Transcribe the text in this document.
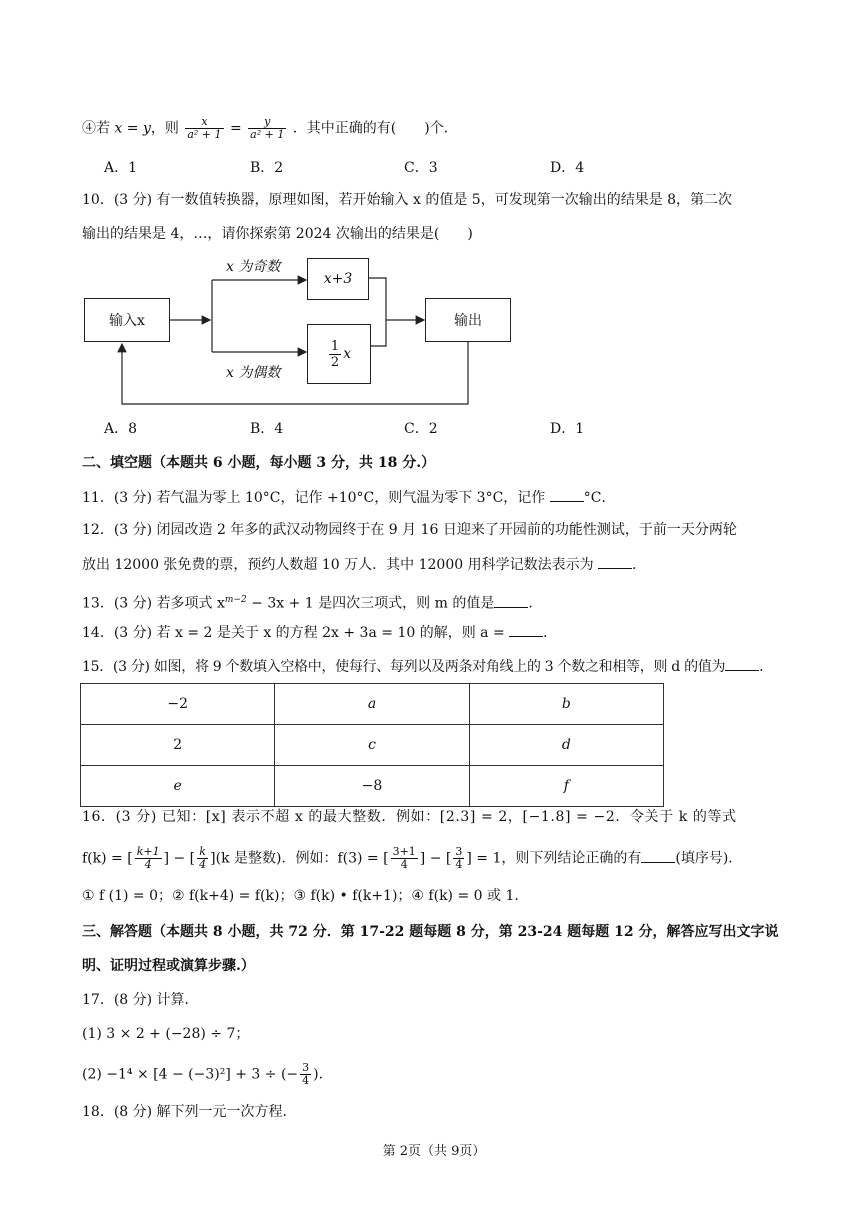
④若 x = y，则 $\frac{x}{\text{a² + 1}} = \frac{y}{\text{a² + 1}}$ ．其中正确的有(　　)个．
A．1	B．2	C．3	D．4
10．(3 分) 有一数值转换器，原理如图，若开始输入 x 的值是 5，可发现第一次输出的结果是 8，第二次
输出的结果是 4，…，请你探索第 2024 次输出的结果是(　　)
输入x
x 为奇数
x 为偶数
x+3
$\frac{1}{2}$ x
输出
A．8	B．4	C．2	D．1
二、填空题（本题共 6 小题，每小题 3 分，共 18 分.）
11．(3 分) 若气温为零上 10°C，记作 +10°C，则气温为零下 3°C，记作	°C．
12．(3 分) 闭园改造 2 年多的武汉动物园终于在 9 月 16 日迎来了开园前的功能性测试，于前一天分两轮
放出 12000 张免费的票，预约人数超 10 万人．其中 12000 用科学记数法表示为	．
13．(3 分) 若多项式 $x^{m-2} - 3x + 1$ 是四次三项式，则 m 的值是 ．
14．(3 分) 若 x = 2 是关于 x 的方程 2x + 3a = 10 的解，则 a =	．
15．(3 分) 如图，将 9 个数填入空格中，使每行、每列以及两条对角线上的 3 个数之和相等，则 d 的值为 ．
−2	a	b
2	c	d
e	−8	f
16．(3 分) 已知：[x] 表示不超 x 的最大整数．例如：[2.3] = 2，[−1.8] = −2．令关于 k 的等式
f(k) = [ $\frac{k+1}{4}$ ] − [ $\frac{k}{4} ](k$ 是整数)．例如：f(3) = [ $\frac{3+1}{4}$ ] − [ $\frac{3}{4}$ ] = 1，则下列结论正确的有 (填序号)．
① f (1) = 0；② f(k+4) = f(k)；③ f(k) • f(k+1)；④ f(k) = 0 或 1.
三、解答题（本题共 8 小题，共 72 分．第 17-22 题每题 8 分，第 23-24 题每题 12 分，解答应写出文字说
明、证明过程或演算步骤.）
17．(8 分) 计算．
(1) 3 × 2 + (−28) ÷ 7；
(2) −1⁴ × [4 − (−3)²] + 3 ÷ (− $\frac{3}{4}$ )．
18．(8 分) 解下列一元一次方程．
第 2页（共 9页）
